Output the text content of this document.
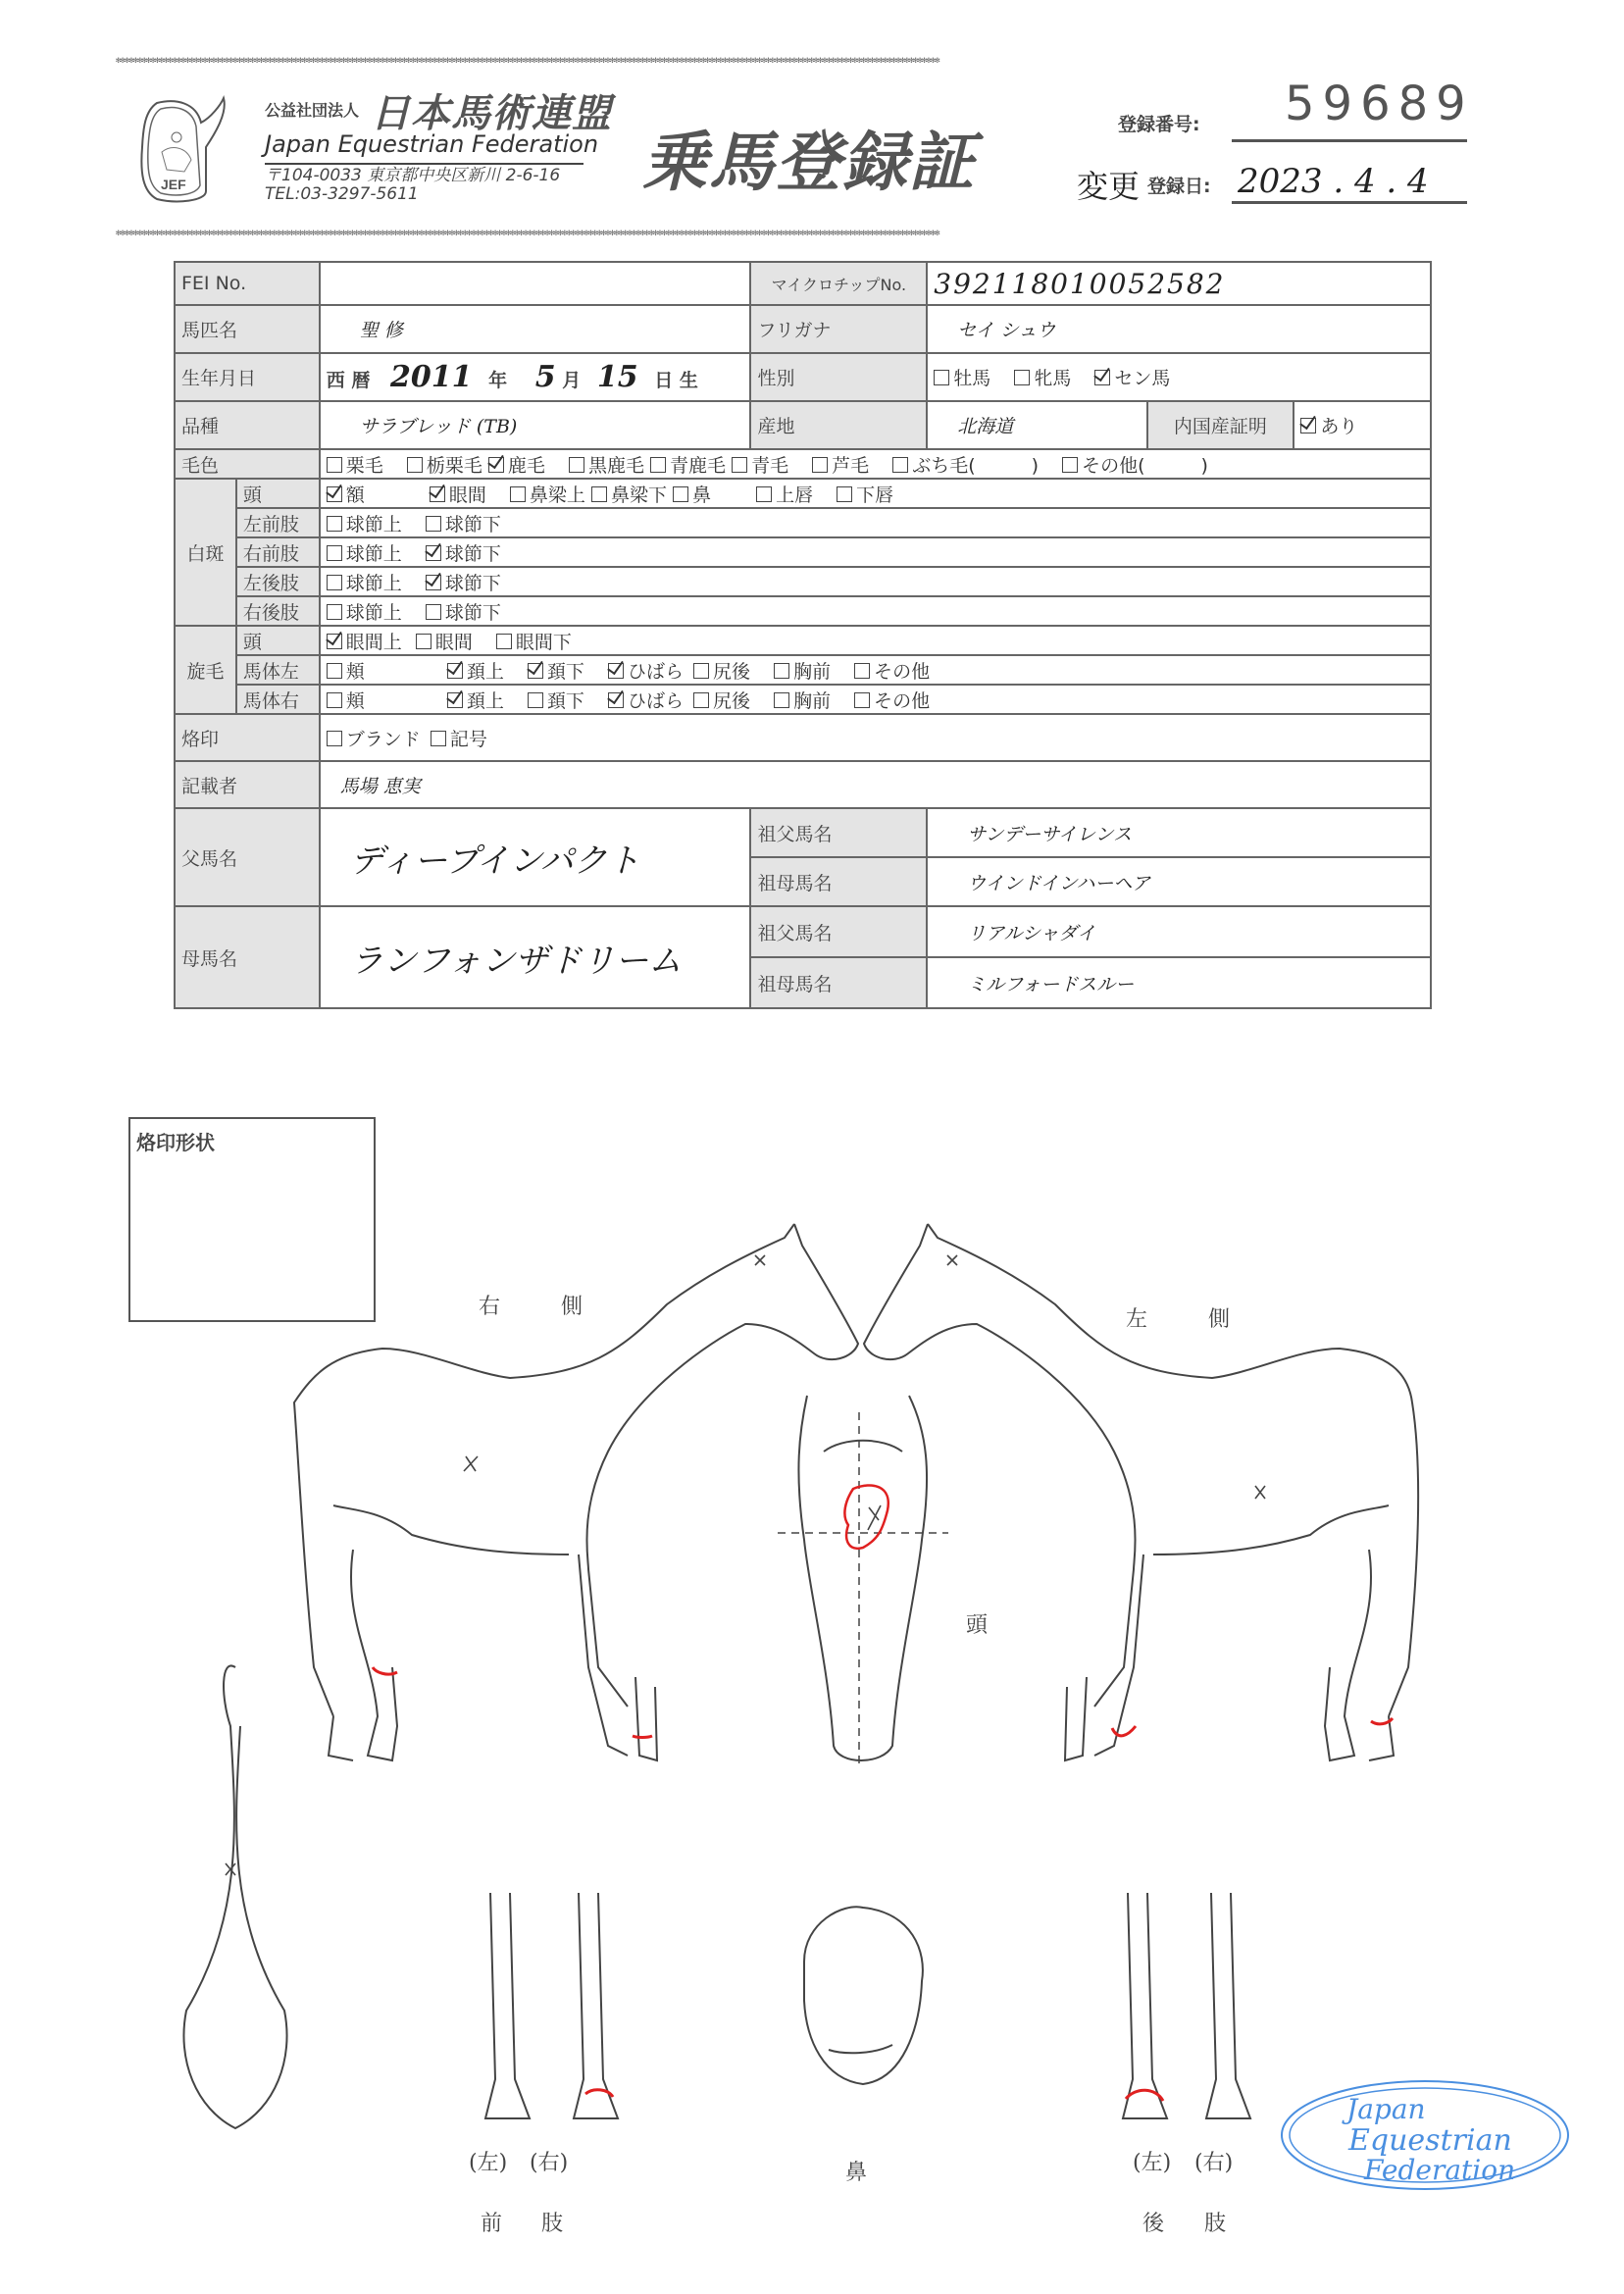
✻✻✻✻✻✻✻✻✻✻✻✻✻✻✻✻✻✻✻✻✻✻✻✻✻✻✻✻✻✻✻✻✻✻✻✻✻✻✻✻✻✻✻✻✻✻✻✻✻✻✻✻✻✻✻✻✻✻✻✻✻✻✻✻✻✻✻✻✻✻✻✻✻✻✻✻✻✻✻✻✻✻✻✻✻✻✻✻✻✻✻✻✻✻✻✻✻✻✻✻✻✻✻✻✻✻✻✻✻✻✻✻✻✻✻✻✻✻✻✻✻✻✻✻✻✻✻✻✻✻✻✻✻✻✻✻✻✻✻✻✻✻✻✻✻✻✻✻✻✻✻✻✻✻✻✻✻✻✻✻✻✻✻✻✻✻✻✻✻✻✻✻✻✻✻✻✻✻✻✻✻✻✻✻✻✻✻✻✻✻
✻✻✻✻✻✻✻✻✻✻✻✻✻✻✻✻✻✻✻✻✻✻✻✻✻✻✻✻✻✻✻✻✻✻✻✻✻✻✻✻✻✻✻✻✻✻✻✻✻✻✻✻✻✻✻✻✻✻✻✻✻✻✻✻✻✻✻✻✻✻✻✻✻✻✻✻✻✻✻✻✻✻✻✻✻✻✻✻✻✻✻✻✻✻✻✻✻✻✻✻✻✻✻✻✻✻✻✻✻✻✻✻✻✻✻✻✻✻✻✻✻✻✻✻✻✻✻✻✻✻✻✻✻✻✻✻✻✻✻✻✻✻✻✻✻✻✻✻✻✻✻✻✻✻✻✻✻✻✻✻✻✻✻✻✻✻✻✻✻✻✻✻✻✻✻✻✻✻✻✻✻✻✻✻✻✻✻✻✻✻
JEF
公益社団法人 日本馬術連盟
Japan Equestrian Federation
〒104-0033 東京都中央区新川 2-6-16
TEL:03-3297-5611	乗馬登録証	登録番号: 59689
変更 登録日: 2023 . 4 . 4
FEI No.			マイクロチップNo.	392118010052582		
馬匹名		聖 修	フリガナ	セイ シュウ		
生年月日		西 暦 2011 年 5 月 15 日 生	性別	牡馬 牝馬 セン馬		
品種		サラブレッド (TB)	産地	北海道	内国産証明	あり
毛色		栗毛 栃栗毛 鹿毛 黒鹿毛 青鹿毛 青毛 芦毛 ぶち毛(　　　) その他(　　　)				
白斑	頭	額 眼間 鼻梁上 鼻梁下 鼻 上唇 下唇				
	左前肢	球節上 球節下				
	右前肢	球節上 球節下				
	左後肢	球節上 球節下				
	右後肢	球節上 球節下				
旋毛	頭	眼間上 眼間 眼間下				
	馬体左	頬 頚上 頚下 ひばら 尻後 胸前 その他				
	馬体右	頬 頚上 頚下 ひばら 尻後 胸前 その他				
烙印		ブランド 記号				
記載者		馬場 恵実				
父馬名		ディープインパクト	祖父馬名	サンデーサイレンス		
			祖母馬名	ウインドインハーヘア		
母馬名		ランフォンザドリーム	祖父馬名	リアルシャダイ		
			祖母馬名	ミルフォードスルー		
烙印形状
右　　側
左　　側
頭
鼻
(左) (右)
前 肢
(左) (右)
後 肢
Japan
Equestrian
Federation
